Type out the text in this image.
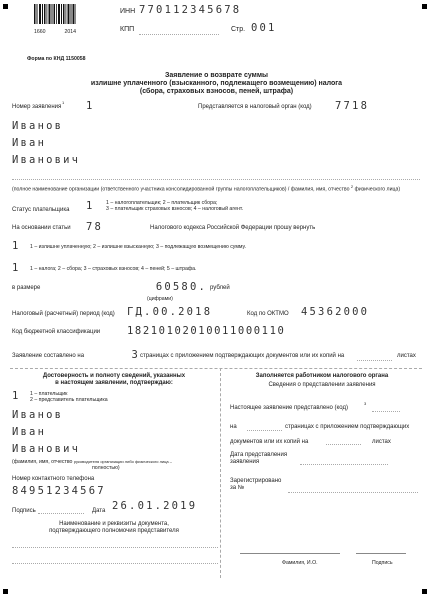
1660	2014
ИНН 770112345678
КПП	Стр. 001
Форма по КНД 1150058
Заявление о возврате суммы
излишне уплаченного (взысканного, подлежащего возмещению) налога
(сбора, страховых взносов, пеней, штрафа)
Номер заявления
1 1	Представляется в налоговый орган (код) 7718
Иванов
Иван
Иванович
(полное наименование организации (ответственного участника консолидированной группы налогоплательщиков) / фамилия, имя, отчество $^2$ физического лица)
Статус плательщика 1	1 – налогоплательщик; 2 – плательщик сбора;
3 – плательщик страховых взносов; 4 – налоговый агент.
На основании статьи 78	Налогового кодекса Российской Федерации прошу вернуть
1	1 – излишне уплаченную; 2 – излишне взысканную; 3 – подлежащую возмещению сумму.
1	1 – налога; 2 – сбора; 3 – страховых взносов; 4 – пеней; 5 – штрафа.
в размере	60580. рублей
(цифрами)
Налоговый (расчетный) период (код) ГД.00.2018	Код по ОКТМО 45362000
Код бюджетной классификации	18210102010011000110
Заявление составлено на	3 страницах с приложением подтверждающих документов или их копий на	листах
Достоверность и полноту сведений, указанных
в настоящем заявлении, подтверждаю:
1	1 – плательщик
2 – представитель плательщика
Иванов
Иван
Иванович
(фамилия, имя, отчество руководителя организации либо физического лица –
полностью)
Номер контактного телефона
84951234567
Подпись	Дата 26.01.2019
Наименование и реквизиты документа,
подтверждающего полномочия представителя
Заполняется работником налогового органа
Сведения о представлении заявления
Настоящее заявление представлено (код)
3
на	страницах с приложением подтверждающих
документов или их копий на	листах
Дата представления
заявления
Зарегистрировано
за №
Фамилия, И.О.	Подпись
